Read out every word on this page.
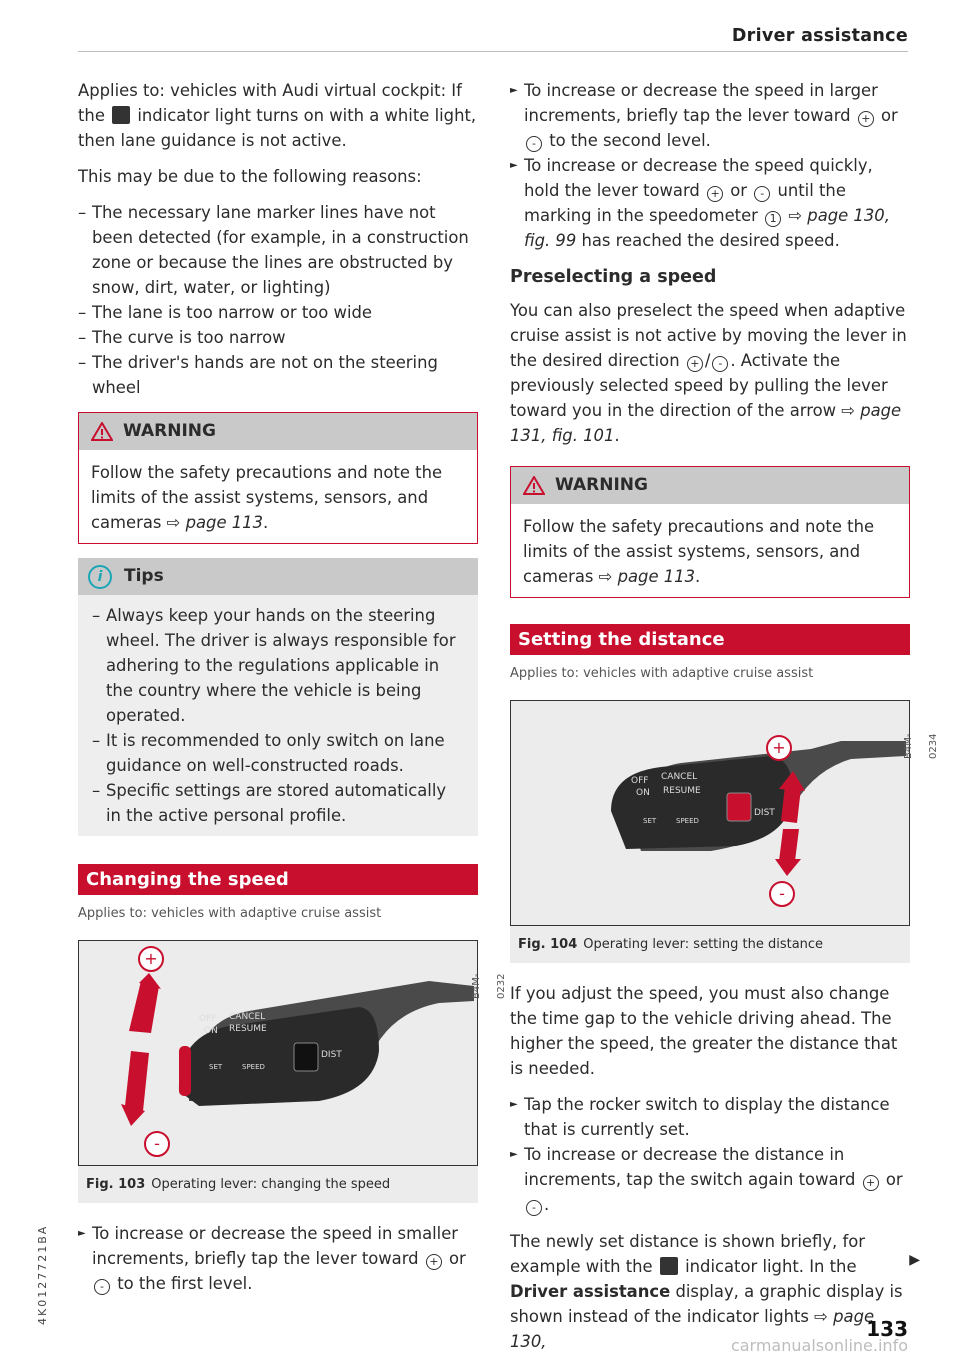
Driver assistance

Applies to: vehicles with Audi virtual cockpit: If the indicator light turns on with a white light, then lane guidance is not active.

This may be due to the following reasons:

– The necessary lane marker lines have not been detected (for example, in a construction zone or because the lines are obstructed by snow, dirt, water, or lighting)
– The lane is too narrow or too wide
– The curve is too narrow
– The driver's hands are not on the steering wheel
WARNING
Follow the safety precautions and note the limits of the assist systems, sensors, and cameras ⇨ page 113.
i	Tips
– Always keep your hands on the steering wheel. The driver is always responsible for adhering to the regulations applicable in the country where the vehicle is being operated.
– It is recommended to only switch on lane guidance on well-constructed roads.
– Specific settings are stored automatically in the active personal profile.
Changing the speed
Applies to: vehicles with adaptive cruise assist
DIST
OFF CANCEL
ON RESUME
SPEED
SET
+
-
B4M-0232
Fig. 103 Operating lever: changing the speed
► To increase or decrease the speed in smaller increments, briefly tap the lever toward + or - to the first level.
► To increase or decrease the speed in larger increments, briefly tap the lever toward + or - to the second level.
► To increase or decrease the speed quickly, hold the lever toward + or - until the marking in the speedometer 1 ⇨ page 130, fig. 99 has reached the desired speed.
Preselecting a speed

You can also preselect the speed when adaptive cruise assist is not active by moving the lever in the desired direction + / - . Activate the previously selected speed by pulling the lever toward you in the direction of the arrow ⇨ page 131, fig. 101.

WARNING
Follow the safety precautions and note the limits of the assist systems, sensors, and cameras ⇨ page 113.
Setting the distance
Applies to: vehicles with adaptive cruise assist
DIST
OFF CANCEL
ON RESUME
SPEED
SET
+
-
B4M-0234
Fig. 104 Operating lever: setting the distance

If you adjust the speed, you must also change the time gap to the vehicle driving ahead. The higher the speed, the greater the distance that is needed.

► Tap the rocker switch to display the distance that is currently set.
► To increase or decrease the distance in increments, tap the switch again toward + or - .

The newly set distance is shown briefly, for example with the indicator light. In the Driver assistance display, a graphic display is shown instead of the indicator lights ⇨ page 130,

▶
133
4K0127721BA
carmanualsonline.info
